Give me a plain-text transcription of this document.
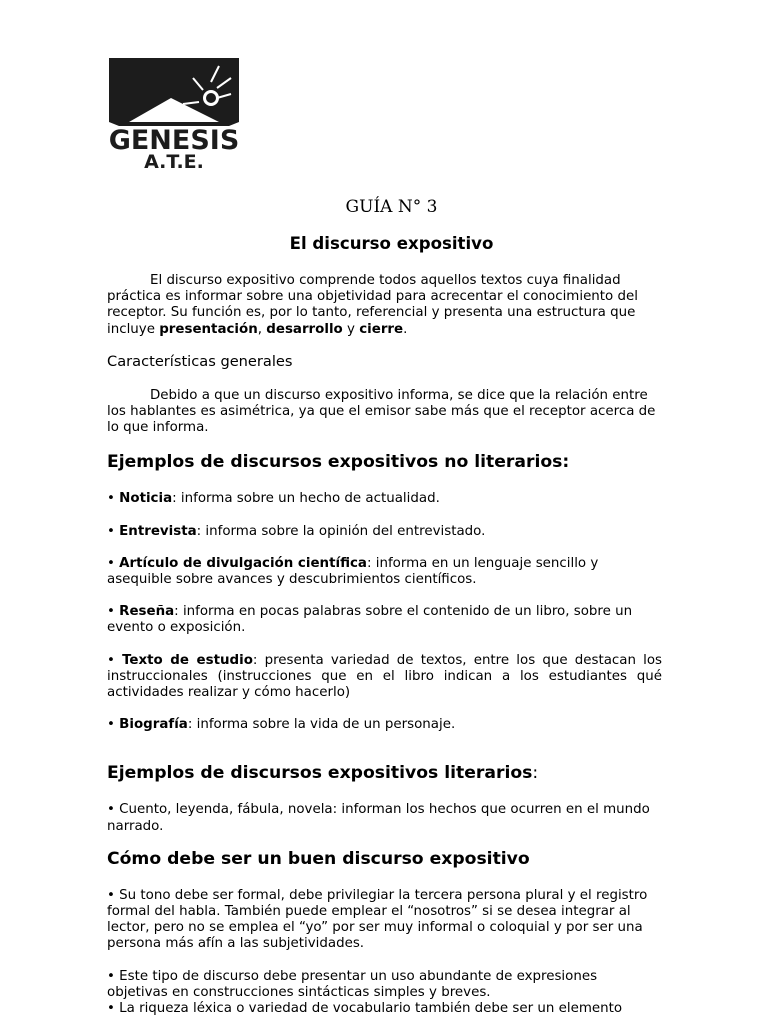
GENESIS
A.T.E.

GUÍA N° 3

El discurso expositivo

El discurso expositivo comprende todos aquellos textos cuya finalidad práctica es informar sobre una objetividad para acrecentar el conocimiento del receptor. Su función es, por lo tanto, referencial y presenta una estructura que incluye presentación, desarrollo y cierre.

Características generales

Debido a que un discurso expositivo informa, se dice que la relación entre los hablantes es asimétrica, ya que el emisor sabe más que el receptor acerca de lo que informa.

Ejemplos de discursos expositivos no literarios:

• Noticia: informa sobre un hecho de actualidad.

• Entrevista: informa sobre la opinión del entrevistado.

• Artículo de divulgación científica: informa en un lenguaje sencillo y asequible sobre avances y descubrimientos científicos.

• Reseña: informa en pocas palabras sobre el contenido de un libro, sobre un evento o exposición.

• Texto de estudio: presenta variedad de textos, entre los que destacan los instruccionales (instrucciones que en el libro indican a los estudiantes qué actividades realizar y cómo hacerlo)

• Biografía: informa sobre la vida de un personaje.

Ejemplos de discursos expositivos literarios:

• Cuento, leyenda, fábula, novela: informan los hechos que ocurren en el mundo narrado.

Cómo debe ser un buen discurso expositivo

• Su tono debe ser formal, debe privilegiar la tercera persona plural y el registro formal del habla. También puede emplear el “nosotros” si se desea integrar al lector, pero no se emplea el “yo” por ser muy informal o coloquial y por ser una persona más afín a las subjetividades.

• Este tipo de discurso debe presentar un uso abundante de expresiones objetivas en construcciones sintácticas simples y breves.

• La riqueza léxica o variedad de vocabulario también debe ser un elemento
